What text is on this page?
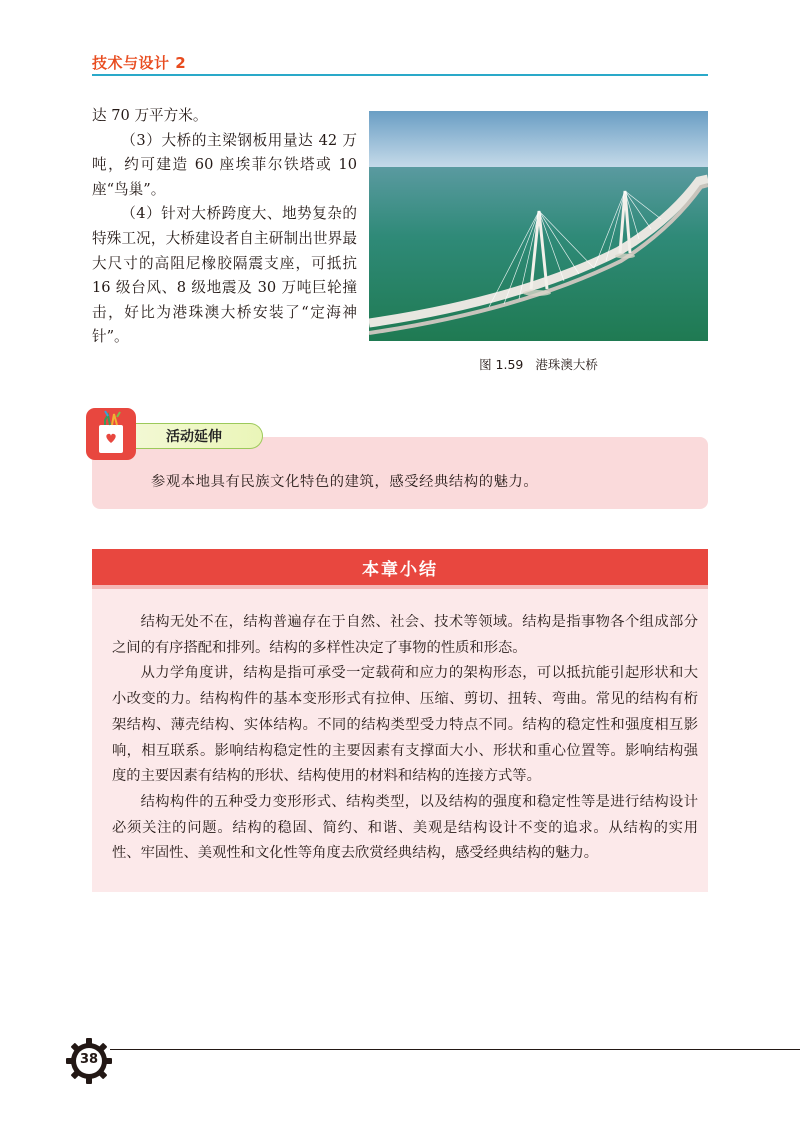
技术与设计 2

达 70 万平方米。

（3）大桥的主梁钢板用量达 42 万吨，约可建造 60 座埃菲尔铁塔或 10 座“鸟巢”。

（4）针对大桥跨度大、地势复杂的特殊工况，大桥建设者自主研制出世界最大尺寸的高阻尼橡胶隔震支座，可抵抗 16 级台风、8 级地震及 30 万吨巨轮撞击，好比为港珠澳大桥安装了“定海神针”。

图 1.59 港珠澳大桥
活动延伸
参观本地具有民族文化特色的建筑，感受经典结构的魅力。
本章小结

结构无处不在，结构普遍存在于自然、社会、技术等领域。结构是指事物各个组成部分之间的有序搭配和排列。结构的多样性决定了事物的性质和形态。

从力学角度讲，结构是指可承受一定载荷和应力的架构形态，可以抵抗能引起形状和大小改变的力。结构构件的基本变形形式有拉伸、压缩、剪切、扭转、弯曲。常见的结构有桁架结构、薄壳结构、实体结构。不同的结构类型受力特点不同。结构的稳定性和强度相互影响，相互联系。影响结构稳定性的主要因素有支撑面大小、形状和重心位置等。影响结构强度的主要因素有结构的形状、结构使用的材料和结构的连接方式等。

结构构件的五种受力变形形式、结构类型，以及结构的强度和稳定性等是进行结构设计必须关注的问题。结构的稳固、简约、和谐、美观是结构设计不变的追求。从结构的实用性、牢固性、美观性和文化性等角度去欣赏经典结构，感受经典结构的魅力。

38
